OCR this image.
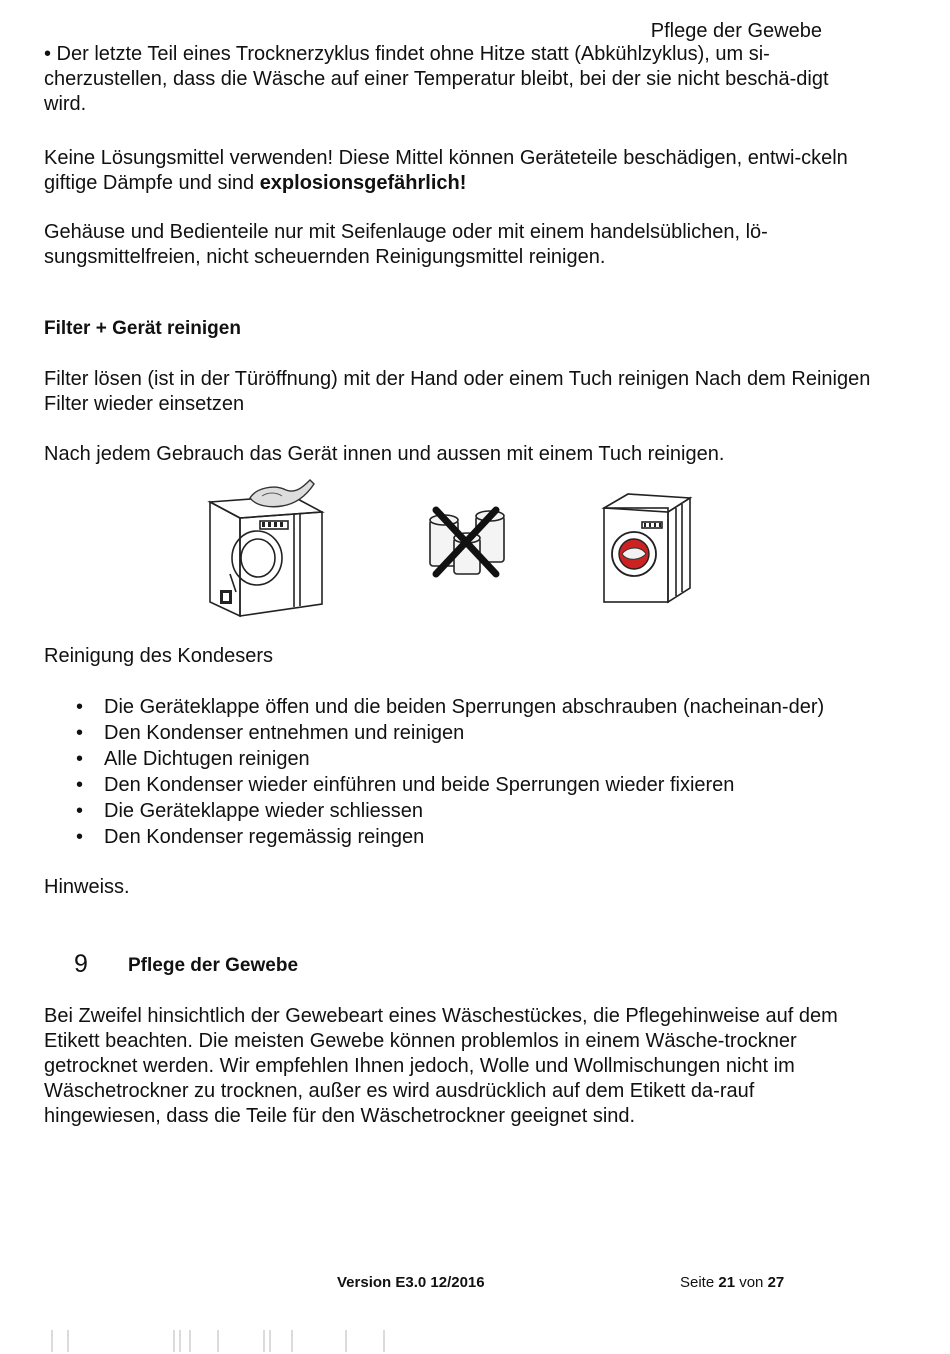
Pflege der Gewebe
• Der letzte Teil eines Trocknerzyklus findet ohne Hitze statt (Abkühlzyklus), um si-cherzustellen, dass die Wäsche auf einer Temperatur bleibt, bei der sie nicht beschä-digt wird.
Keine Lösungsmittel verwenden! Diese Mittel können Geräteteile beschädigen, entwi-ckeln giftige Dämpfe und sind explosionsgefährlich!
Gehäuse und Bedienteile nur mit Seifenlauge oder mit einem handelsüblichen, lö-sungsmittelfreien, nicht scheuernden Reinigungsmittel reinigen.
Filter + Gerät reinigen
Filter lösen (ist in der Türöffnung) mit der Hand oder einem Tuch reinigen Nach dem Reinigen Filter wieder einsetzen
Nach jedem Gebrauch das Gerät innen und aussen mit einem Tuch reinigen.
Reinigung des Kondesers
• Die Geräteklappe öffen und die beiden Sperrungen abschrauben (nacheinan-der)
• Den Kondenser entnehmen und reinigen
• Alle Dichtugen reinigen
• Den Kondenser wieder einführen und beide Sperrungen wieder fixieren
• Die Geräteklappe wieder schliessen
• Den Kondenser regemässig reingen
Hinweiss.
9 Pflege der Gewebe
Bei Zweifel hinsichtlich der Gewebeart eines Wäschestückes, die Pflegehinweise auf dem Etikett beachten. Die meisten Gewebe können problemlos in einem Wäsche-trockner getrocknet werden. Wir empfehlen Ihnen jedoch, Wolle und Wollmischungen nicht im Wäschetrockner zu trocknen, außer es wird ausdrücklich auf dem Etikett da-rauf hingewiesen, dass die Teile für den Wäschetrockner geeignet sind.
Version E3.0 12/2016	Seite 21 von 27
